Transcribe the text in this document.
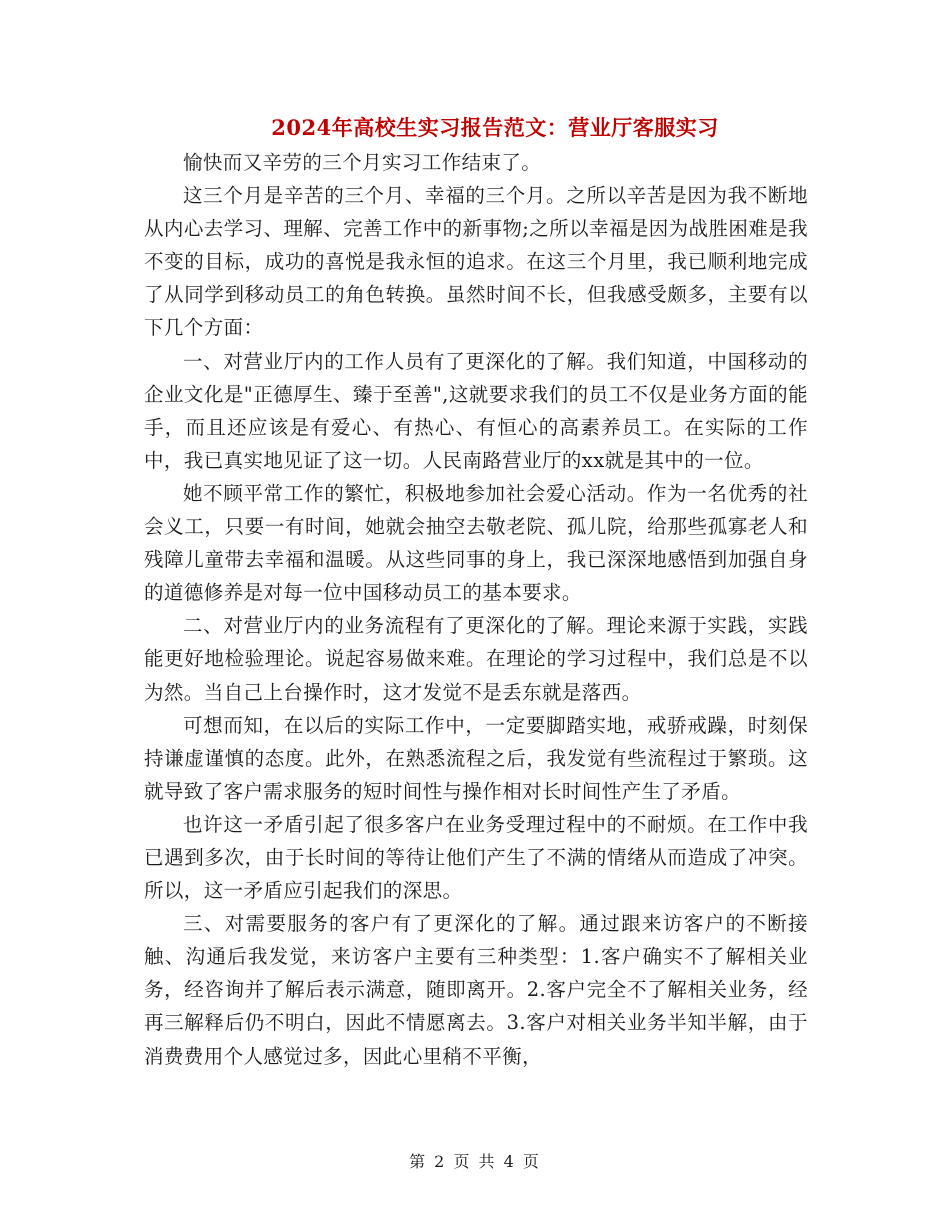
2024年高校生实习报告范文：营业厅客服实习

愉快而又辛劳的三个月实习工作结束了。

这三个月是辛苦的三个月、幸福的三个月。之所以辛苦是因为我不断地从内心去学习、理解、完善工作中的新事物;之所以幸福是因为战胜困难是我不变的目标，成功的喜悦是我永恒的追求。在这三个月里，我已顺利地完成了从同学到移动员工的角色转换。虽然时间不长，但我感受颇多，主要有以下几个方面：

一、对营业厅内的工作人员有了更深化的了解。我们知道，中国移动的企业文化是"正德厚生、臻于至善",这就要求我们的员工不仅是业务方面的能手，而且还应该是有爱心、有热心、有恒心的高素养员工。在实际的工作中，我已真实地见证了这一切。人民南路营业厅的xx就是其中的一位。

她不顾平常工作的繁忙，积极地参加社会爱心活动。作为一名优秀的社会义工，只要一有时间，她就会抽空去敬老院、孤儿院，给那些孤寡老人和残障儿童带去幸福和温暖。从这些同事的身上，我已深深地感悟到加强自身的道德修养是对每一位中国移动员工的基本要求。

二、对营业厅内的业务流程有了更深化的了解。理论来源于实践，实践能更好地检验理论。说起容易做来难。在理论的学习过程中，我们总是不以为然。当自己上台操作时，这才发觉不是丢东就是落西。

可想而知，在以后的实际工作中，一定要脚踏实地，戒骄戒躁，时刻保持谦虚谨慎的态度。此外，在熟悉流程之后，我发觉有些流程过于繁琐。这就导致了客户需求服务的短时间性与操作相对长时间性产生了矛盾。

也许这一矛盾引起了很多客户在业务受理过程中的不耐烦。在工作中我已遇到多次，由于长时间的等待让他们产生了不满的情绪从而造成了冲突。所以，这一矛盾应引起我们的深思。

三、对需要服务的客户有了更深化的了解。通过跟来访客户的不断接触、沟通后我发觉，来访客户主要有三种类型：1.客户确实不了解相关业务，经咨询并了解后表示满意，随即离开。2.客户完全不了解相关业务，经再三解释后仍不明白，因此不情愿离去。3.客户对相关业务半知半解，由于消费费用个人感觉过多，因此心里稍不平衡，

第 2 页 共 4 页
